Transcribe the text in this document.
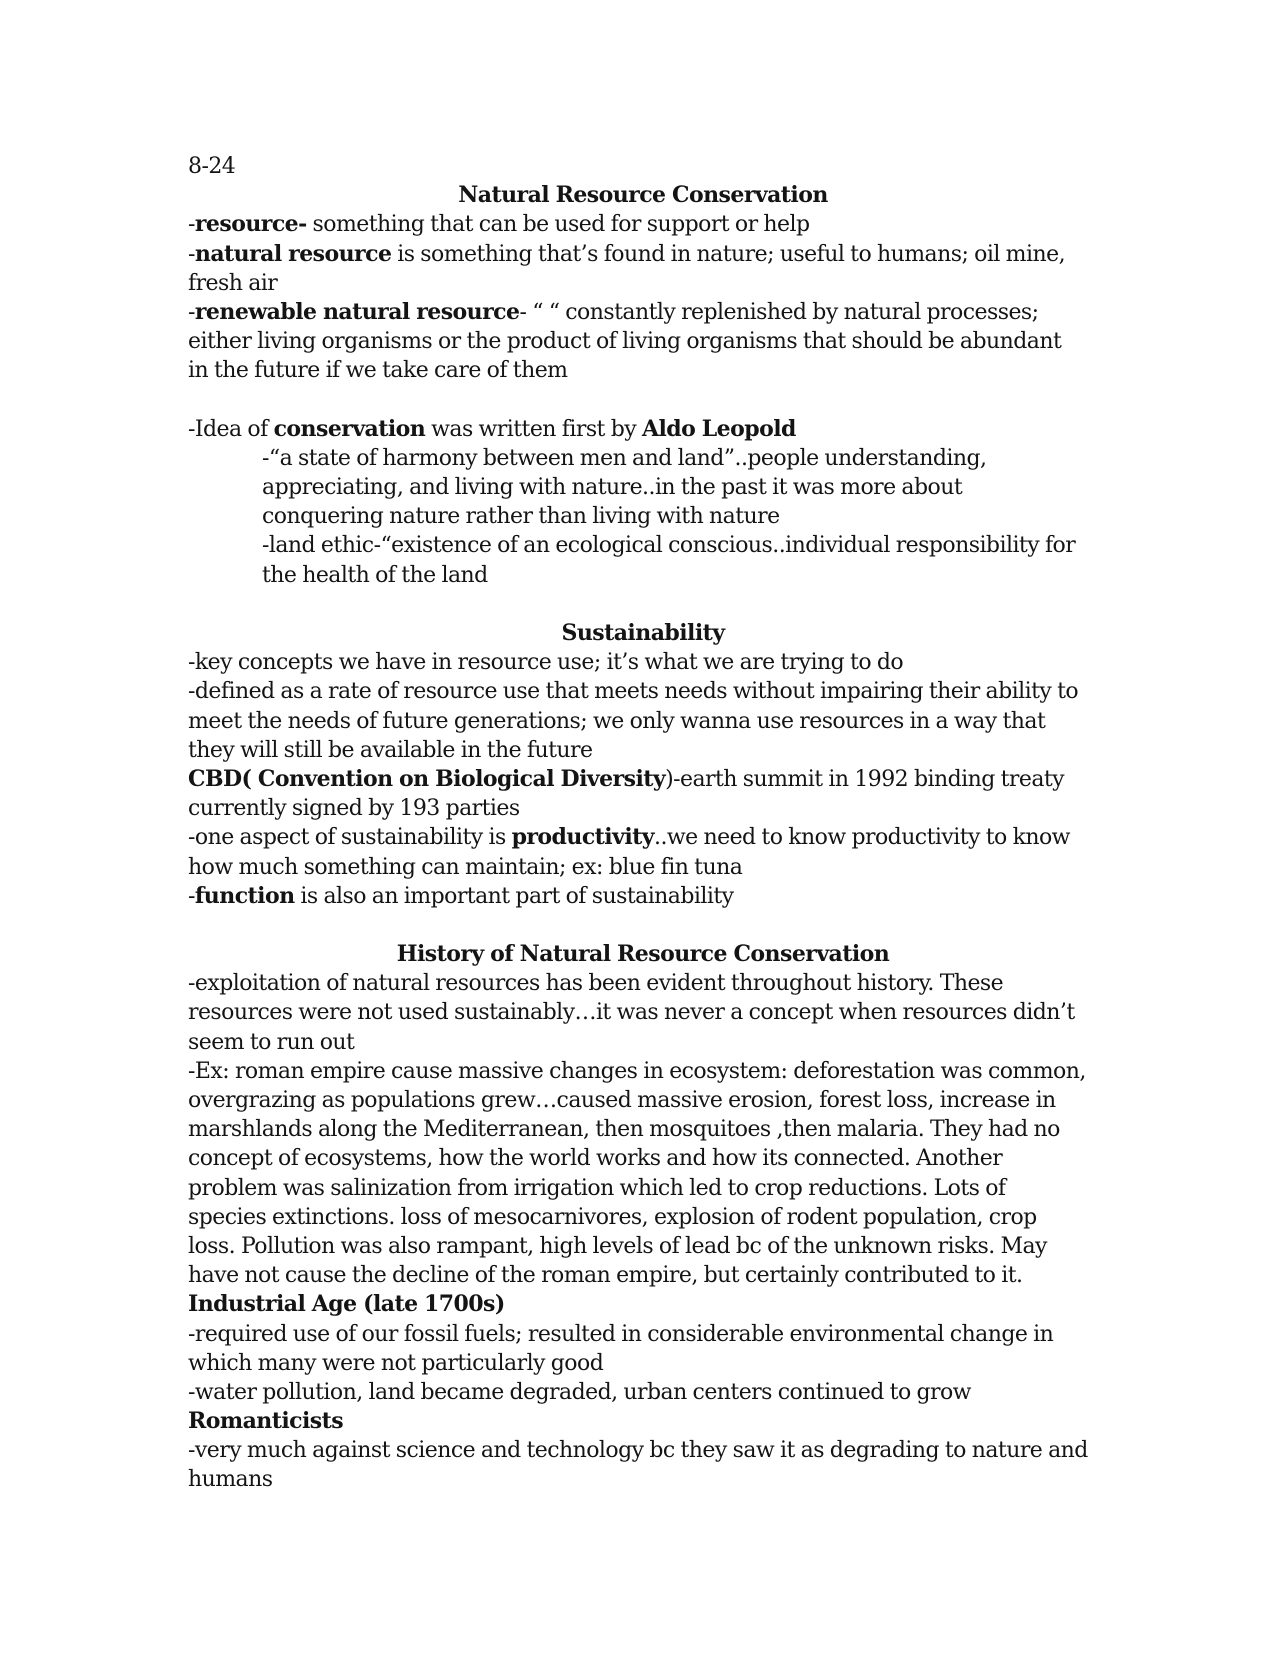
8-24
Natural Resource Conservation
-resource- something that can be used for support or help
-natural resource is something that’s found in nature; useful to humans; oil mine,
fresh air
-renewable natural resource- “ “ constantly replenished by natural processes;
either living organisms or the product of living organisms that should be abundant
in the future if we take care of them
-Idea of conservation was written first by Aldo Leopold
-“a state of harmony between men and land”..people understanding,
appreciating, and living with nature..in the past it was more about
conquering nature rather than living with nature
-land ethic-“existence of an ecological conscious..individual responsibility for
the health of the land
Sustainability
-key concepts we have in resource use; it’s what we are trying to do
-defined as a rate of resource use that meets needs without impairing their ability to
meet the needs of future generations; we only wanna use resources in a way that
they will still be available in the future
CBD( Convention on Biological Diversity)-earth summit in 1992 binding treaty
currently signed by 193 parties
-one aspect of sustainability is productivity..we need to know productivity to know
how much something can maintain; ex: blue fin tuna
-function is also an important part of sustainability
History of Natural Resource Conservation
-exploitation of natural resources has been evident throughout history. These
resources were not used sustainably…it was never a concept when resources didn’t
seem to run out
-Ex: roman empire cause massive changes in ecosystem: deforestation was common,
overgrazing as populations grew…caused massive erosion, forest loss, increase in
marshlands along the Mediterranean, then mosquitoes ,then malaria. They had no
concept of ecosystems, how the world works and how its connected. Another
problem was salinization from irrigation which led to crop reductions. Lots of
species extinctions. loss of mesocarnivores, explosion of rodent population, crop
loss. Pollution was also rampant, high levels of lead bc of the unknown risks. May
have not cause the decline of the roman empire, but certainly contributed to it.
Industrial Age (late 1700s)
-required use of our fossil fuels; resulted in considerable environmental change in
which many were not particularly good
-water pollution, land became degraded, urban centers continued to grow
Romanticists
-very much against science and technology bc they saw it as degrading to nature and
humans
